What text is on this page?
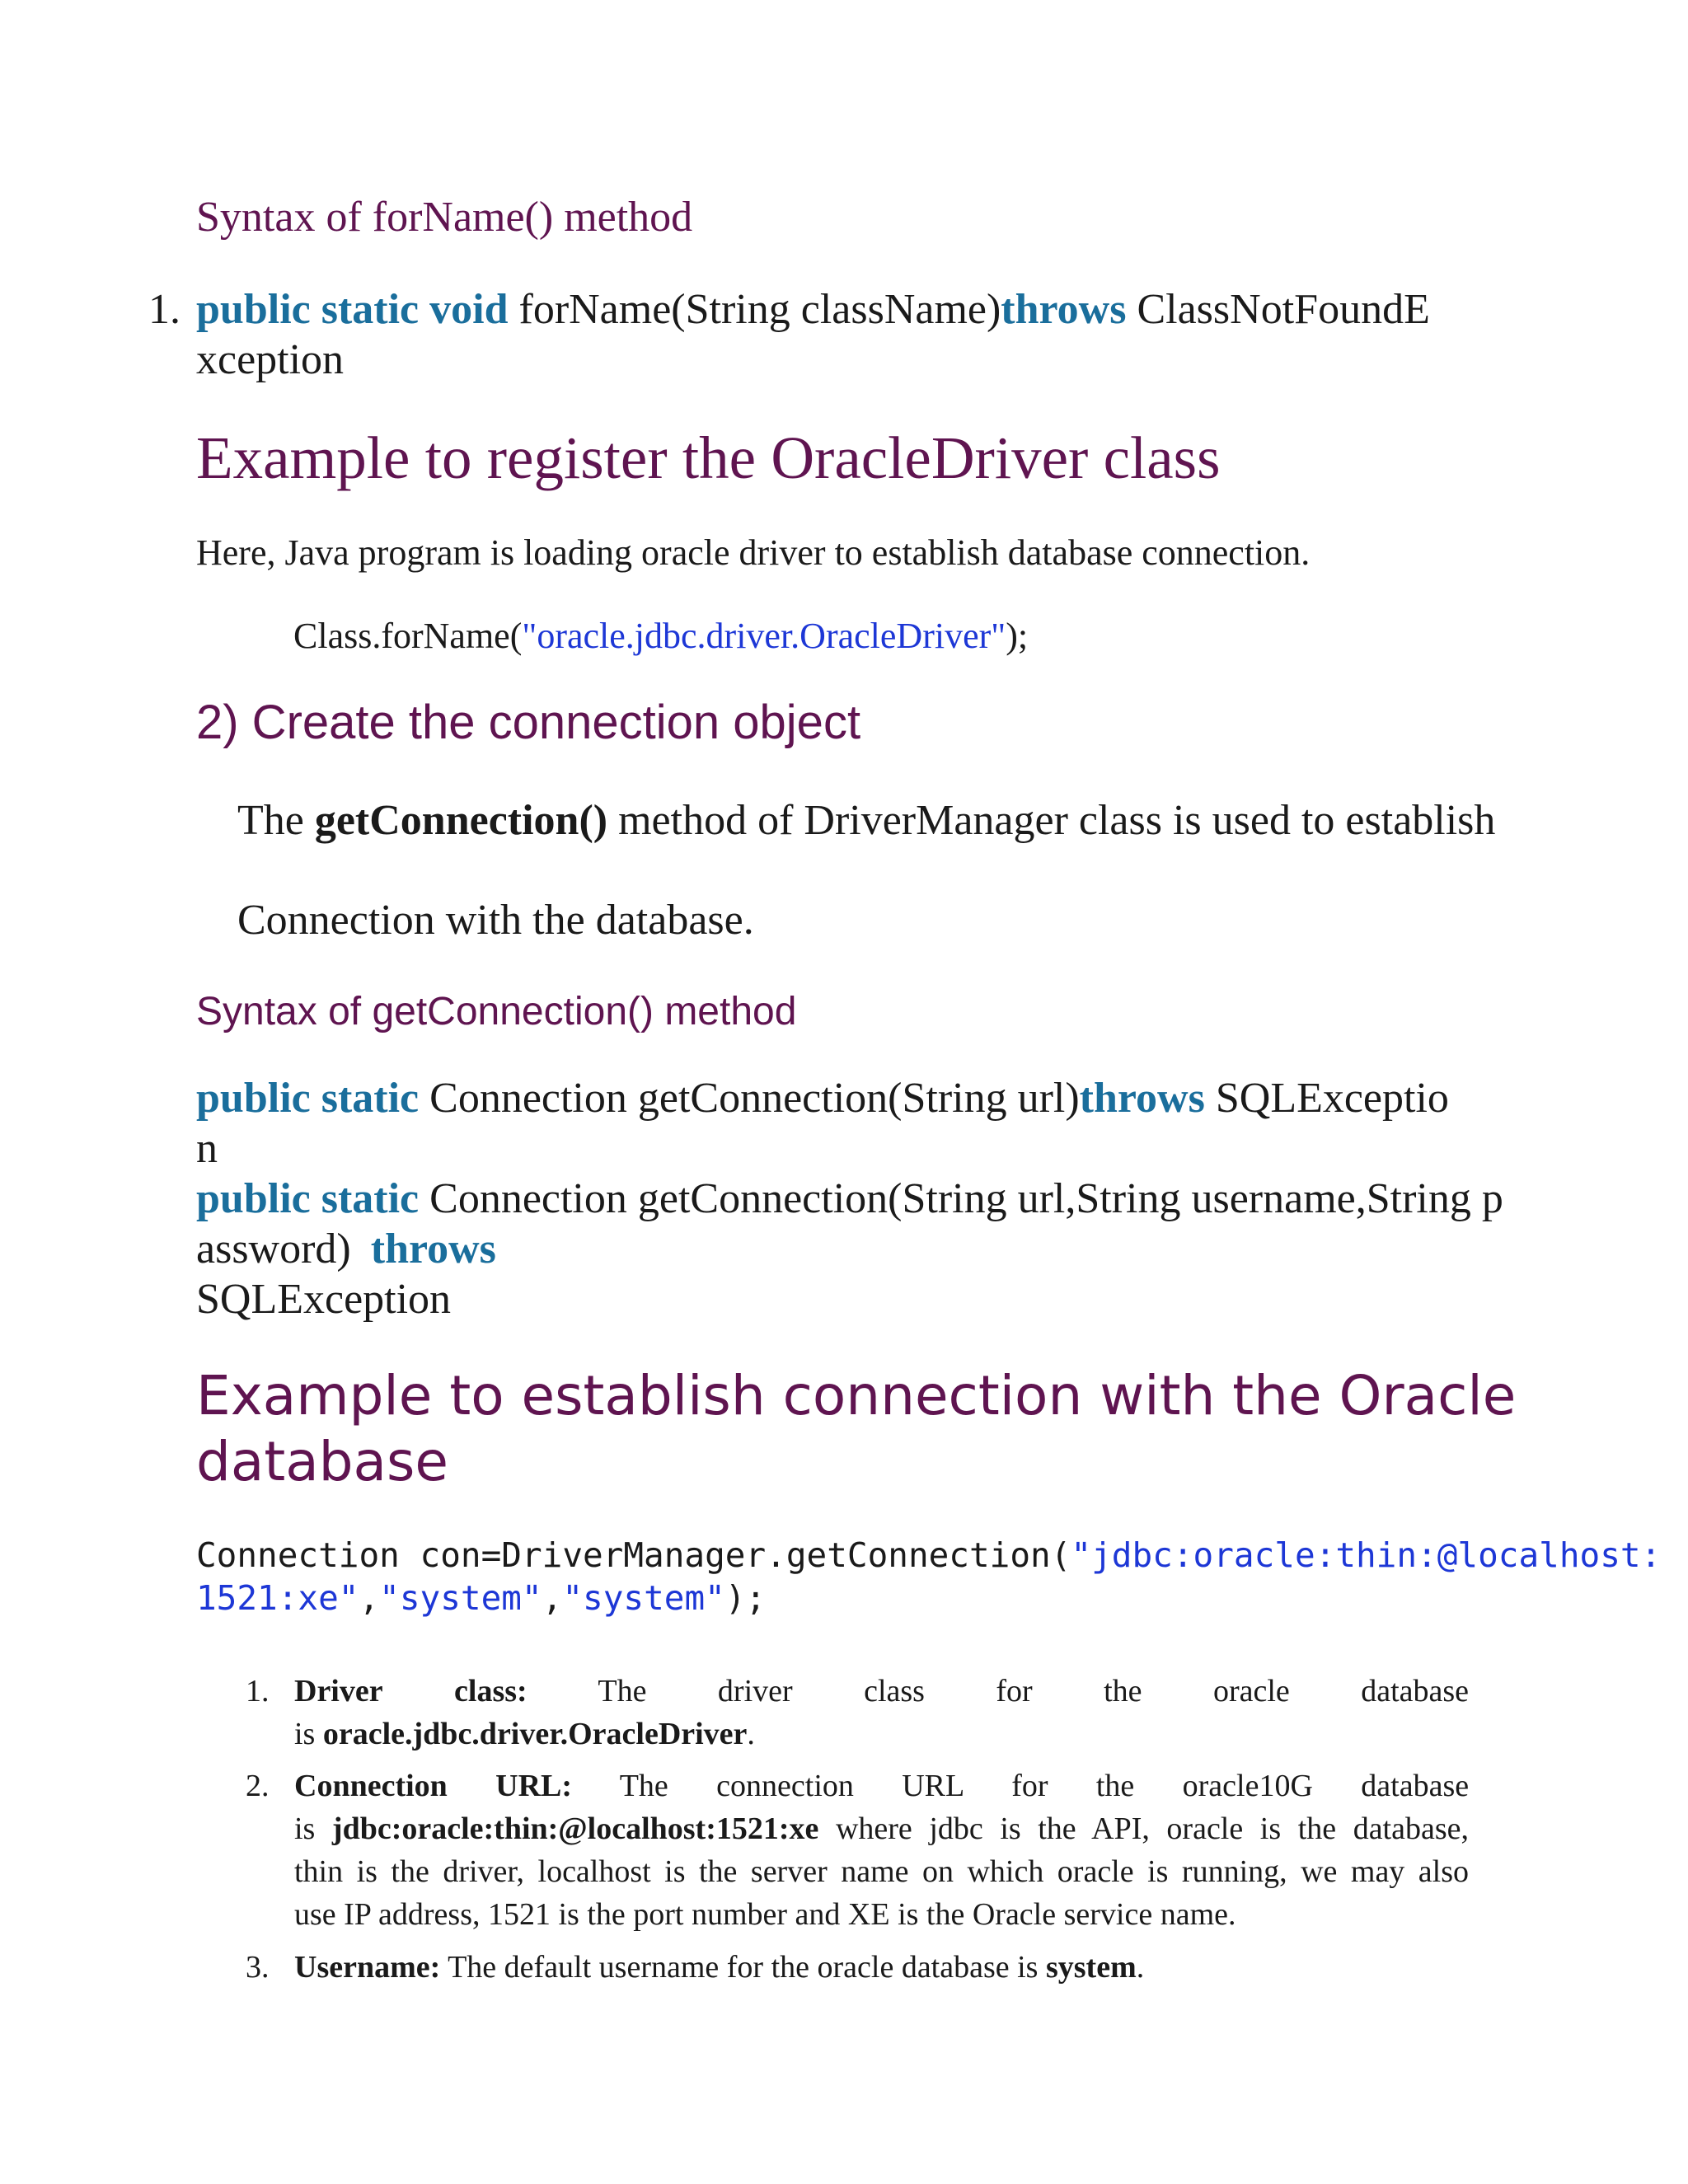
Syntax of forName() method
1. public static void forName(String className)throws ClassNotFoundE
xception
Example to register the OracleDriver class
Here, Java program is loading oracle driver to establish database connection.
Class.forName("oracle.jdbc.driver.OracleDriver");
2) Create the connection object
The getConnection() method of DriverManager class is used to establish
Connection with the database.
Syntax of getConnection() method
public static Connection getConnection(String url)throws SQLExceptio
n
public static Connection getConnection(String url,String username,String p
assword) throws
SQLException
Example to establish connection with the Oracle
database
Connection con=DriverManager.getConnection("jdbc:oracle:thin:@localhost:
1521:xe","system","system");
1. Driver class: The driver class for the oracle database
is oracle.jdbc.driver.OracleDriver.
2. Connection URL: The connection URL for the oracle10G database
is jdbc:oracle:thin:@localhost:1521:xe where jdbc is the API, oracle is the database,
thin is the driver, localhost is the server name on which oracle is running, we may also
use IP address, 1521 is the port number and XE is the Oracle service name.
3. Username: The default username for the oracle database is system.
